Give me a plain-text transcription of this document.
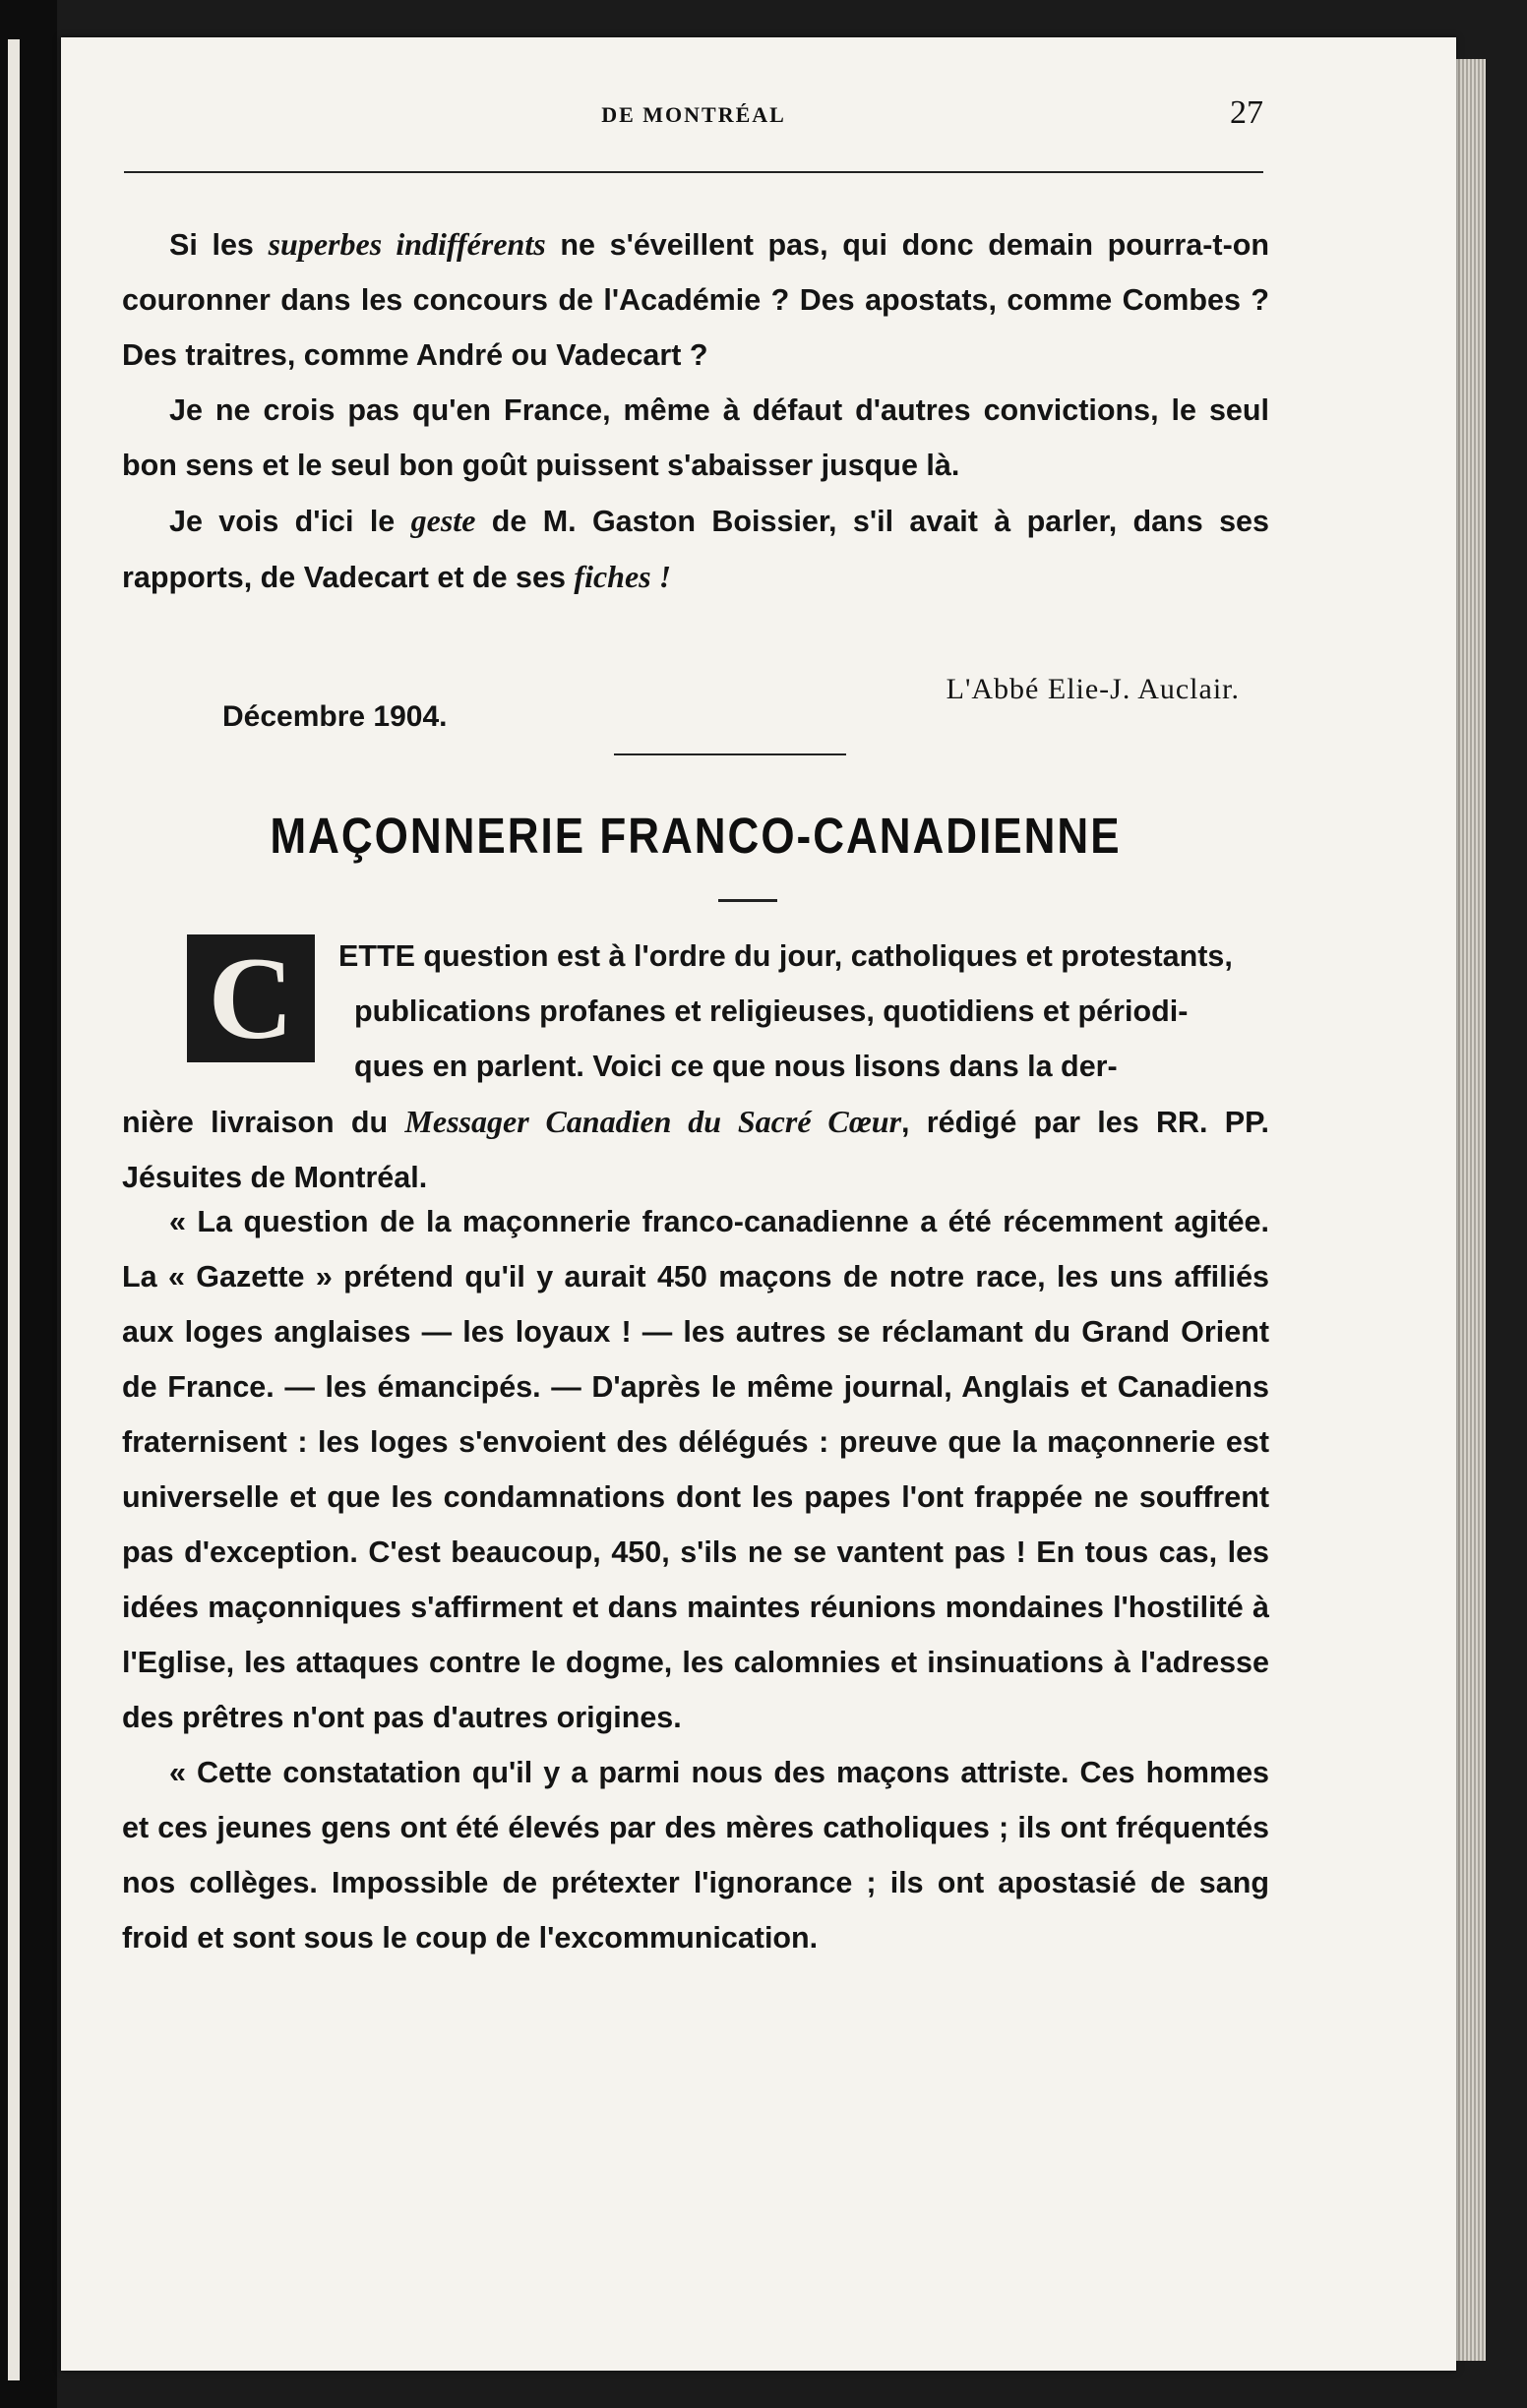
DE MONTRÉAL	27

Si les superbes indifférents ne s'éveillent pas, qui donc demain pourra-t-on couronner dans les concours de l'Académie ? Des apostats, comme Combes ? Des traitres, comme André ou Vadecart ?

Je ne crois pas qu'en France, même à défaut d'autres convictions, le seul bon sens et le seul bon goût puissent s'abaisser jusque là.

Je vois d'ici le geste de M. Gaston Boissier, s'il avait à parler, dans ses rapports, de Vadecart et de ses fiches !

L'Abbé Elie-J. Auclair.
Décembre 1904.
MAÇONNERIE FRANCO-CANADIENNE
C	ETTE question est à l'ordre du jour, catholiques et protestants,

publications profanes et religieuses, quotidiens et périodi-

ques en parlent. Voici ce que nous lisons dans la der-

nière livraison du Messager Canadien du Sacré Cœur, rédigé par les RR. PP. Jésuites de Montréal.

« La question de la maçonnerie franco-canadienne a été récemment agitée. La « Gazette » prétend qu'il y aurait 450 maçons de notre race, les uns affiliés aux loges anglaises — les loyaux ! — les autres se réclamant du Grand Orient de France. — les émancipés. — D'après le même journal, Anglais et Canadiens fraternisent : les loges s'envoient des délégués : preuve que la maçonnerie est universelle et que les condamnations dont les papes l'ont frappée ne souffrent pas d'exception. C'est beaucoup, 450, s'ils ne se vantent pas ! En tous cas, les idées maçonniques s'affirment et dans maintes réunions mondaines l'hostilité à l'Eglise, les attaques contre le dogme, les calomnies et insinuations à l'adresse des prêtres n'ont pas d'autres origines.

« Cette constatation qu'il y a parmi nous des maçons attriste. Ces hommes et ces jeunes gens ont été élevés par des mères catholiques ; ils ont fréquentés nos collèges. Impossible de prétexter l'ignorance ; ils ont apostasié de sang froid et sont sous le coup de l'excommunication.
